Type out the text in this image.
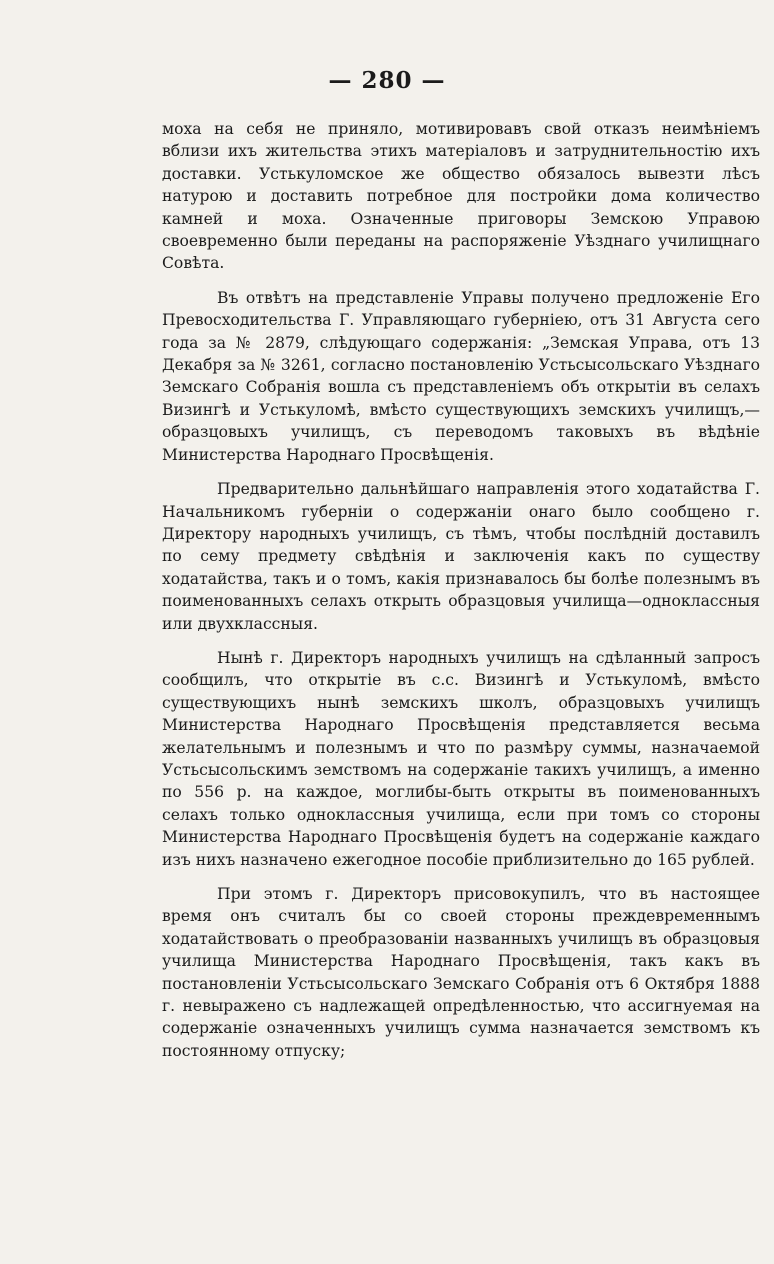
— 280 —

моха на себя не приняло, мотивировавъ свой отказъ неимѣніемъ вблизи ихъ жительства этихъ матеріаловъ и затруднительностію ихъ доставки. Устькуломское же общество обязалось вывезти лѣсъ натурою и доставить потребное для постройки дома количество камней и моха. Означенные приговоры Земскою Управою своевременно были переданы на распоряженіе Уѣзднаго училищнаго Совѣта.

Въ отвѣтъ на представленіе Управы получено предложеніе Его Превосходительства Г. Управляющаго губерніею, отъ 31 Августа сего года за № 2879, слѣдующаго содержанія: „Земская Управа, отъ 13 Декабря за № 3261, согласно постановленію Устьсысольскаго Уѣзднаго Земскаго Собранія вошла съ представленіемъ объ открытіи въ селахъ Визингѣ и Устькуломѣ, вмѣсто существующихъ земскихъ училищъ,—образцовыхъ училищъ, съ переводомъ таковыхъ въ вѣдѣніе Министерства Народнаго Просвѣщенія.

Предварительно дальнѣйшаго направленія этого ходатайства Г. Начальникомъ губерніи о содержаніи онаго было сообщено г. Директору народныхъ училищъ, съ тѣмъ, чтобы послѣдній доставилъ по сему предмету свѣдѣнія и заключенія какъ по существу ходатайства, такъ и о томъ, какія признавалось бы болѣе полезнымъ въ поименованныхъ селахъ открыть образцовыя училища—одноклассныя или двухклассныя.

Нынѣ г. Директоръ народныхъ училищъ на сдѣланный запросъ сообщилъ, что открытіе въ с.с. Визингѣ и Устькуломѣ, вмѣсто существующихъ нынѣ земскихъ школъ, образцовыхъ училищъ Министерства Народнаго Просвѣщенія представляется весьма желательнымъ и полезнымъ и что по размѣру суммы, назначаемой Устьсысольскимъ земствомъ на содержаніе такихъ училищъ, а именно по 556 р. на каждое, моглибы-быть открыты въ поименованныхъ селахъ только одноклассныя училища, если при томъ со стороны Министерства Народнаго Просвѣщенія будетъ на содержаніе каждаго изъ нихъ назначено ежегодное пособіе приблизительно до 165 рублей.

При этомъ г. Директоръ присовокупилъ, что въ настоящее время онъ считалъ бы со своей стороны преждевременнымъ ходатайствовать о преобразованіи названныхъ училищъ въ образцовыя училища Министерства Народнаго Просвѣщенія, такъ какъ въ постановленіи Устьсысольскаго Земскаго Собранія отъ 6 Октября 1888 г. невыражено съ надлежащей опредѣленностью, что ассигнуемая на содержаніе означенныхъ училищъ сумма назначается земствомъ къ постоянному отпуску;
